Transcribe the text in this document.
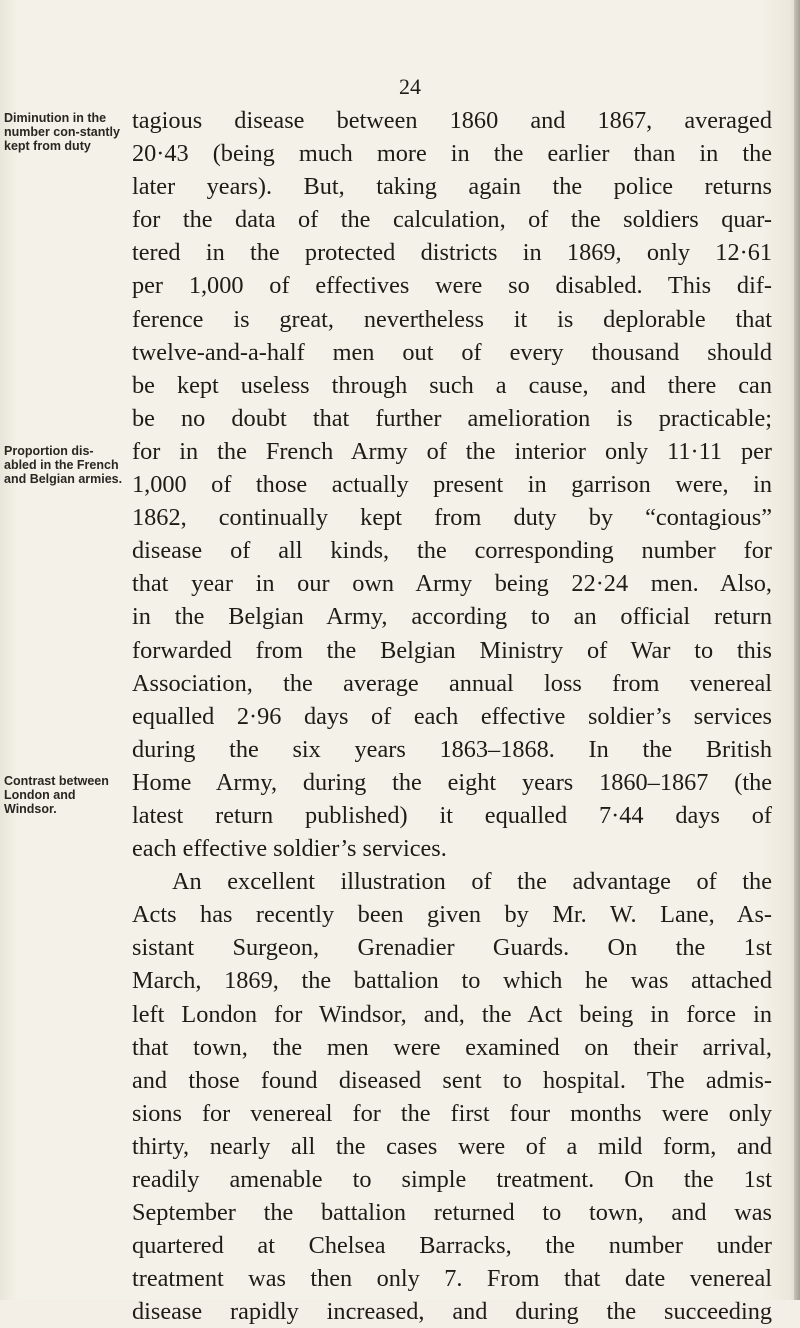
24
Diminution in the number con-stantly kept from duty
Proportion dis-abled in the French and Belgian armies.
Contrast between London and Windsor.
tagious disease between 1860 and 1867, averaged
20·43 (being much more in the earlier than in the
later years). But, taking again the police returns
for the data of the calculation, of the soldiers quar-
tered in the protected districts in 1869, only 12·61
per 1,000 of effectives were so disabled. This dif-
ference is great, nevertheless it is deplorable that
twelve-and-a-half men out of every thousand should
be kept useless through such a cause, and there can
be no doubt that further amelioration is practicable;
for in the French Army of the interior only 11·11 per
1,000 of those actually present in garrison were, in
1862, continually kept from duty by “contagious”
disease of all kinds, the corresponding number for
that year in our own Army being 22·24 men. Also,
in the Belgian Army, according to an official return
forwarded from the Belgian Ministry of War to this
Association, the average annual loss from venereal
equalled 2·96 days of each effective soldier’s services
during the six years 1863–1868. In the British
Home Army, during the eight years 1860–1867 (the
latest return published) it equalled 7·44 days of
each effective soldier’s services.
An excellent illustration of the advantage of the
Acts has recently been given by Mr. W. Lane, As-
sistant Surgeon, Grenadier Guards. On the 1st
March, 1869, the battalion to which he was attached
left London for Windsor, and, the Act being in force in
that town, the men were examined on their arrival,
and those found diseased sent to hospital. The admis-
sions for venereal for the first four months were only
thirty, nearly all the cases were of a mild form, and
readily amenable to simple treatment. On the 1st
September the battalion returned to town, and was
quartered at Chelsea Barracks, the number under
treatment was then only 7. From that date venereal
disease rapidly increased, and during the succeeding
